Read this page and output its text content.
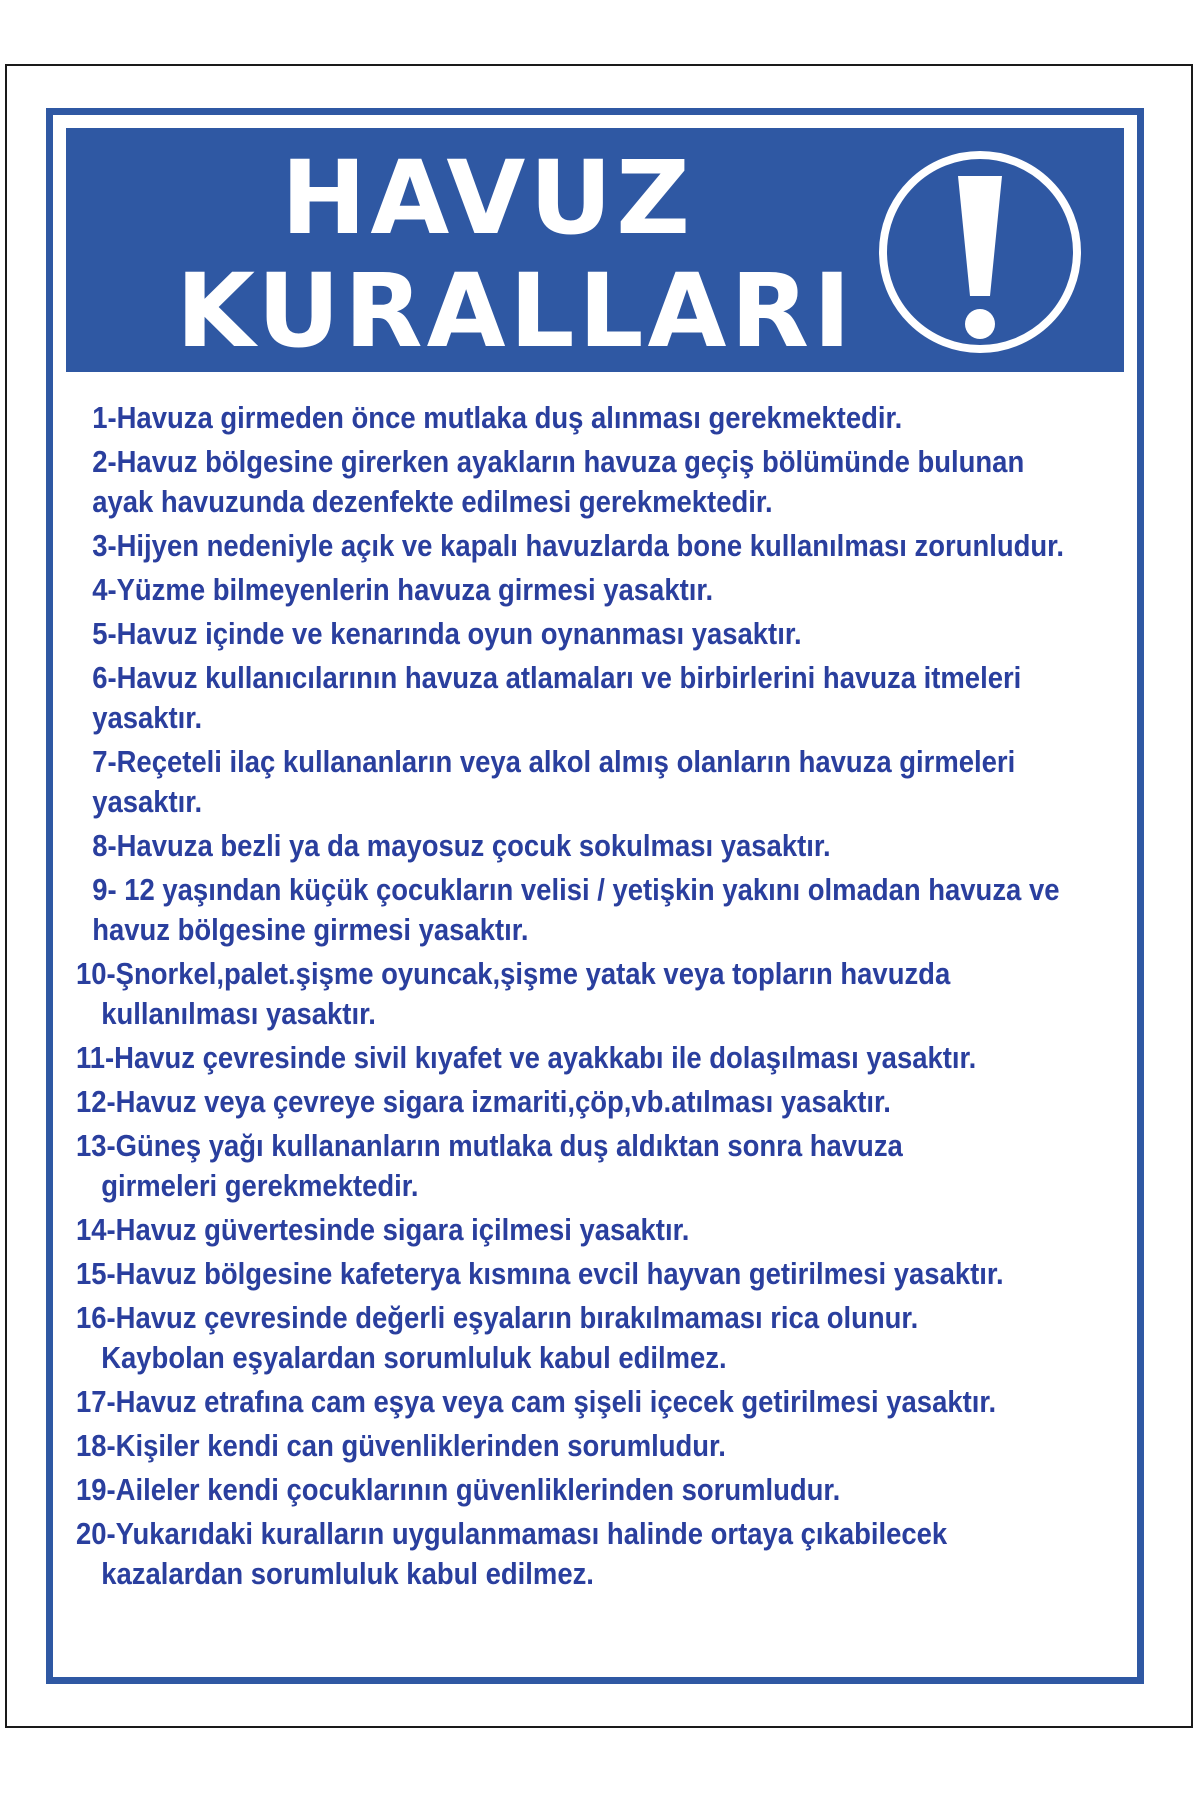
HAVUZ
KURALLARI
1-Havuza girmeden önce mutlaka duş alınması gerekmektedir.
2-Havuz bölgesine girerken ayakların havuza geçiş bölümünde bulunan
ayak havuzunda dezenfekte edilmesi gerekmektedir.
3-Hijyen nedeniyle açık ve kapalı havuzlarda bone kullanılması zorunludur.
4-Yüzme bilmeyenlerin havuza girmesi yasaktır.
5-Havuz içinde ve kenarında oyun oynanması yasaktır.
6-Havuz kullanıcılarının havuza atlamaları ve birbirlerini havuza itmeleri
yasaktır.
7-Reçeteli ilaç kullananların veya alkol almış olanların havuza girmeleri
yasaktır.
8-Havuza bezli ya da mayosuz çocuk sokulması yasaktır.
9- 12 yaşından küçük çocukların velisi / yetişkin yakını olmadan havuza ve
havuz bölgesine girmesi yasaktır.
10-Şnorkel,palet.şişme oyuncak,şişme yatak veya topların havuzda
kullanılması yasaktır.
11-Havuz çevresinde sivil kıyafet ve ayakkabı ile dolaşılması yasaktır.
12-Havuz veya çevreye sigara izmariti,çöp,vb.atılması yasaktır.
13-Güneş yağı kullananların mutlaka duş aldıktan sonra havuza
girmeleri gerekmektedir.
14-Havuz güvertesinde sigara içilmesi yasaktır.
15-Havuz bölgesine kafeterya kısmına evcil hayvan getirilmesi yasaktır.
16-Havuz çevresinde değerli eşyaların bırakılmaması rica olunur.
Kaybolan eşyalardan sorumluluk kabul edilmez.
17-Havuz etrafına cam eşya veya cam şişeli içecek getirilmesi yasaktır.
18-Kişiler kendi can güvenliklerinden sorumludur.
19-Aileler kendi çocuklarının güvenliklerinden sorumludur.
20-Yukarıdaki kuralların uygulanmaması halinde ortaya çıkabilecek
kazalardan sorumluluk kabul edilmez.
